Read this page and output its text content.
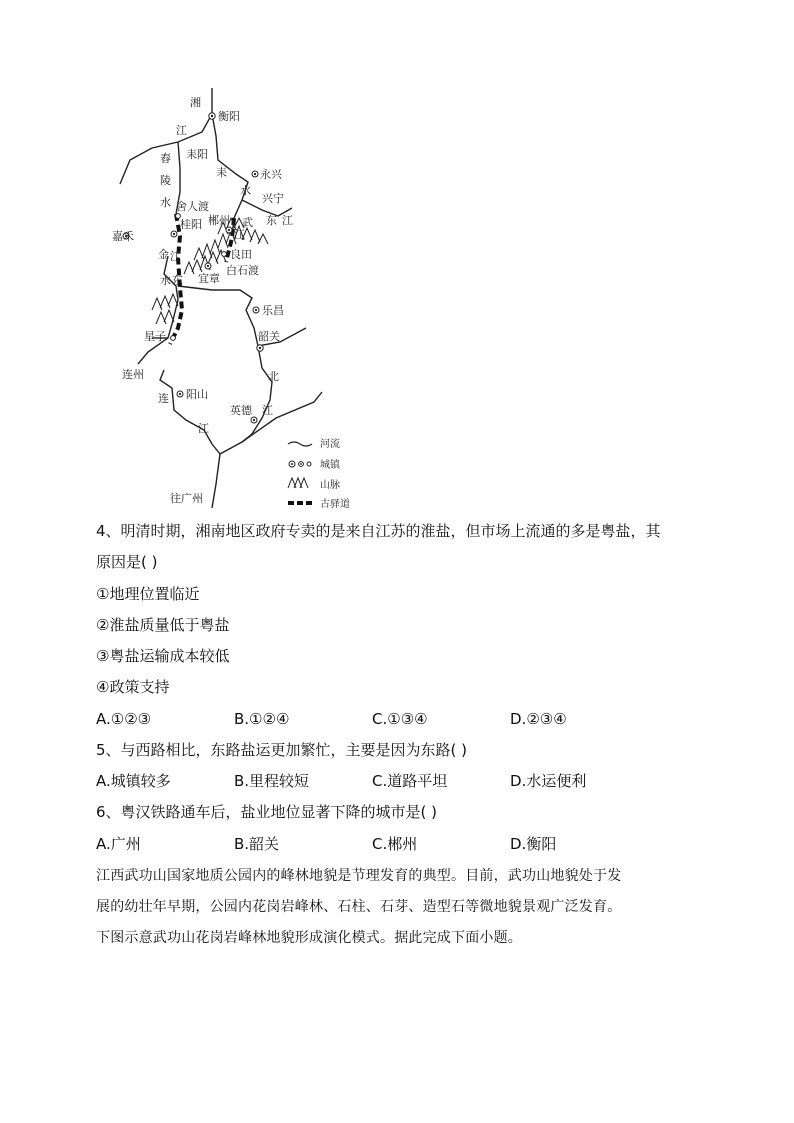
湘
江
舂
陵
水
耒
水
东 江
武
江
金 江
水 东
北
江
连
江
衡阳
耒阳
永兴
兴宁
嘉禾
舍人渡
桂阳 郴州
良田
宜章
白石渡
乐昌
星子	韶关
连州
阳山
英德
往广州
河流
城镇
山脉
古驿道
4、明清时期，湘南地区政府专卖的是来自江苏的淮盐，但市场上流通的多是粤盐，其
原因是( )
①地理位置临近
②淮盐质量低于粤盐
③粤盐运输成本较低
④政策支持
A.①②③	B.①②④	C.①③④	D.②③④
5、与西路相比，东路盐运更加繁忙，主要是因为东路( )
A.城镇较多	B.里程较短	C.道路平坦	D.水运便利
6、粤汉铁路通车后，盐业地位显著下降的城市是( )
A.广州	B.韶关	C.郴州	D.衡阳
江西武功山国家地质公园内的峰林地貌是节理发育的典型。目前，武功山地貌处于发
展的幼壮年早期，公园内花岗岩峰林、石柱、石芽、造型石等微地貌景观广泛发育。
下图示意武功山花岗岩峰林地貌形成演化模式。据此完成下面小题。
